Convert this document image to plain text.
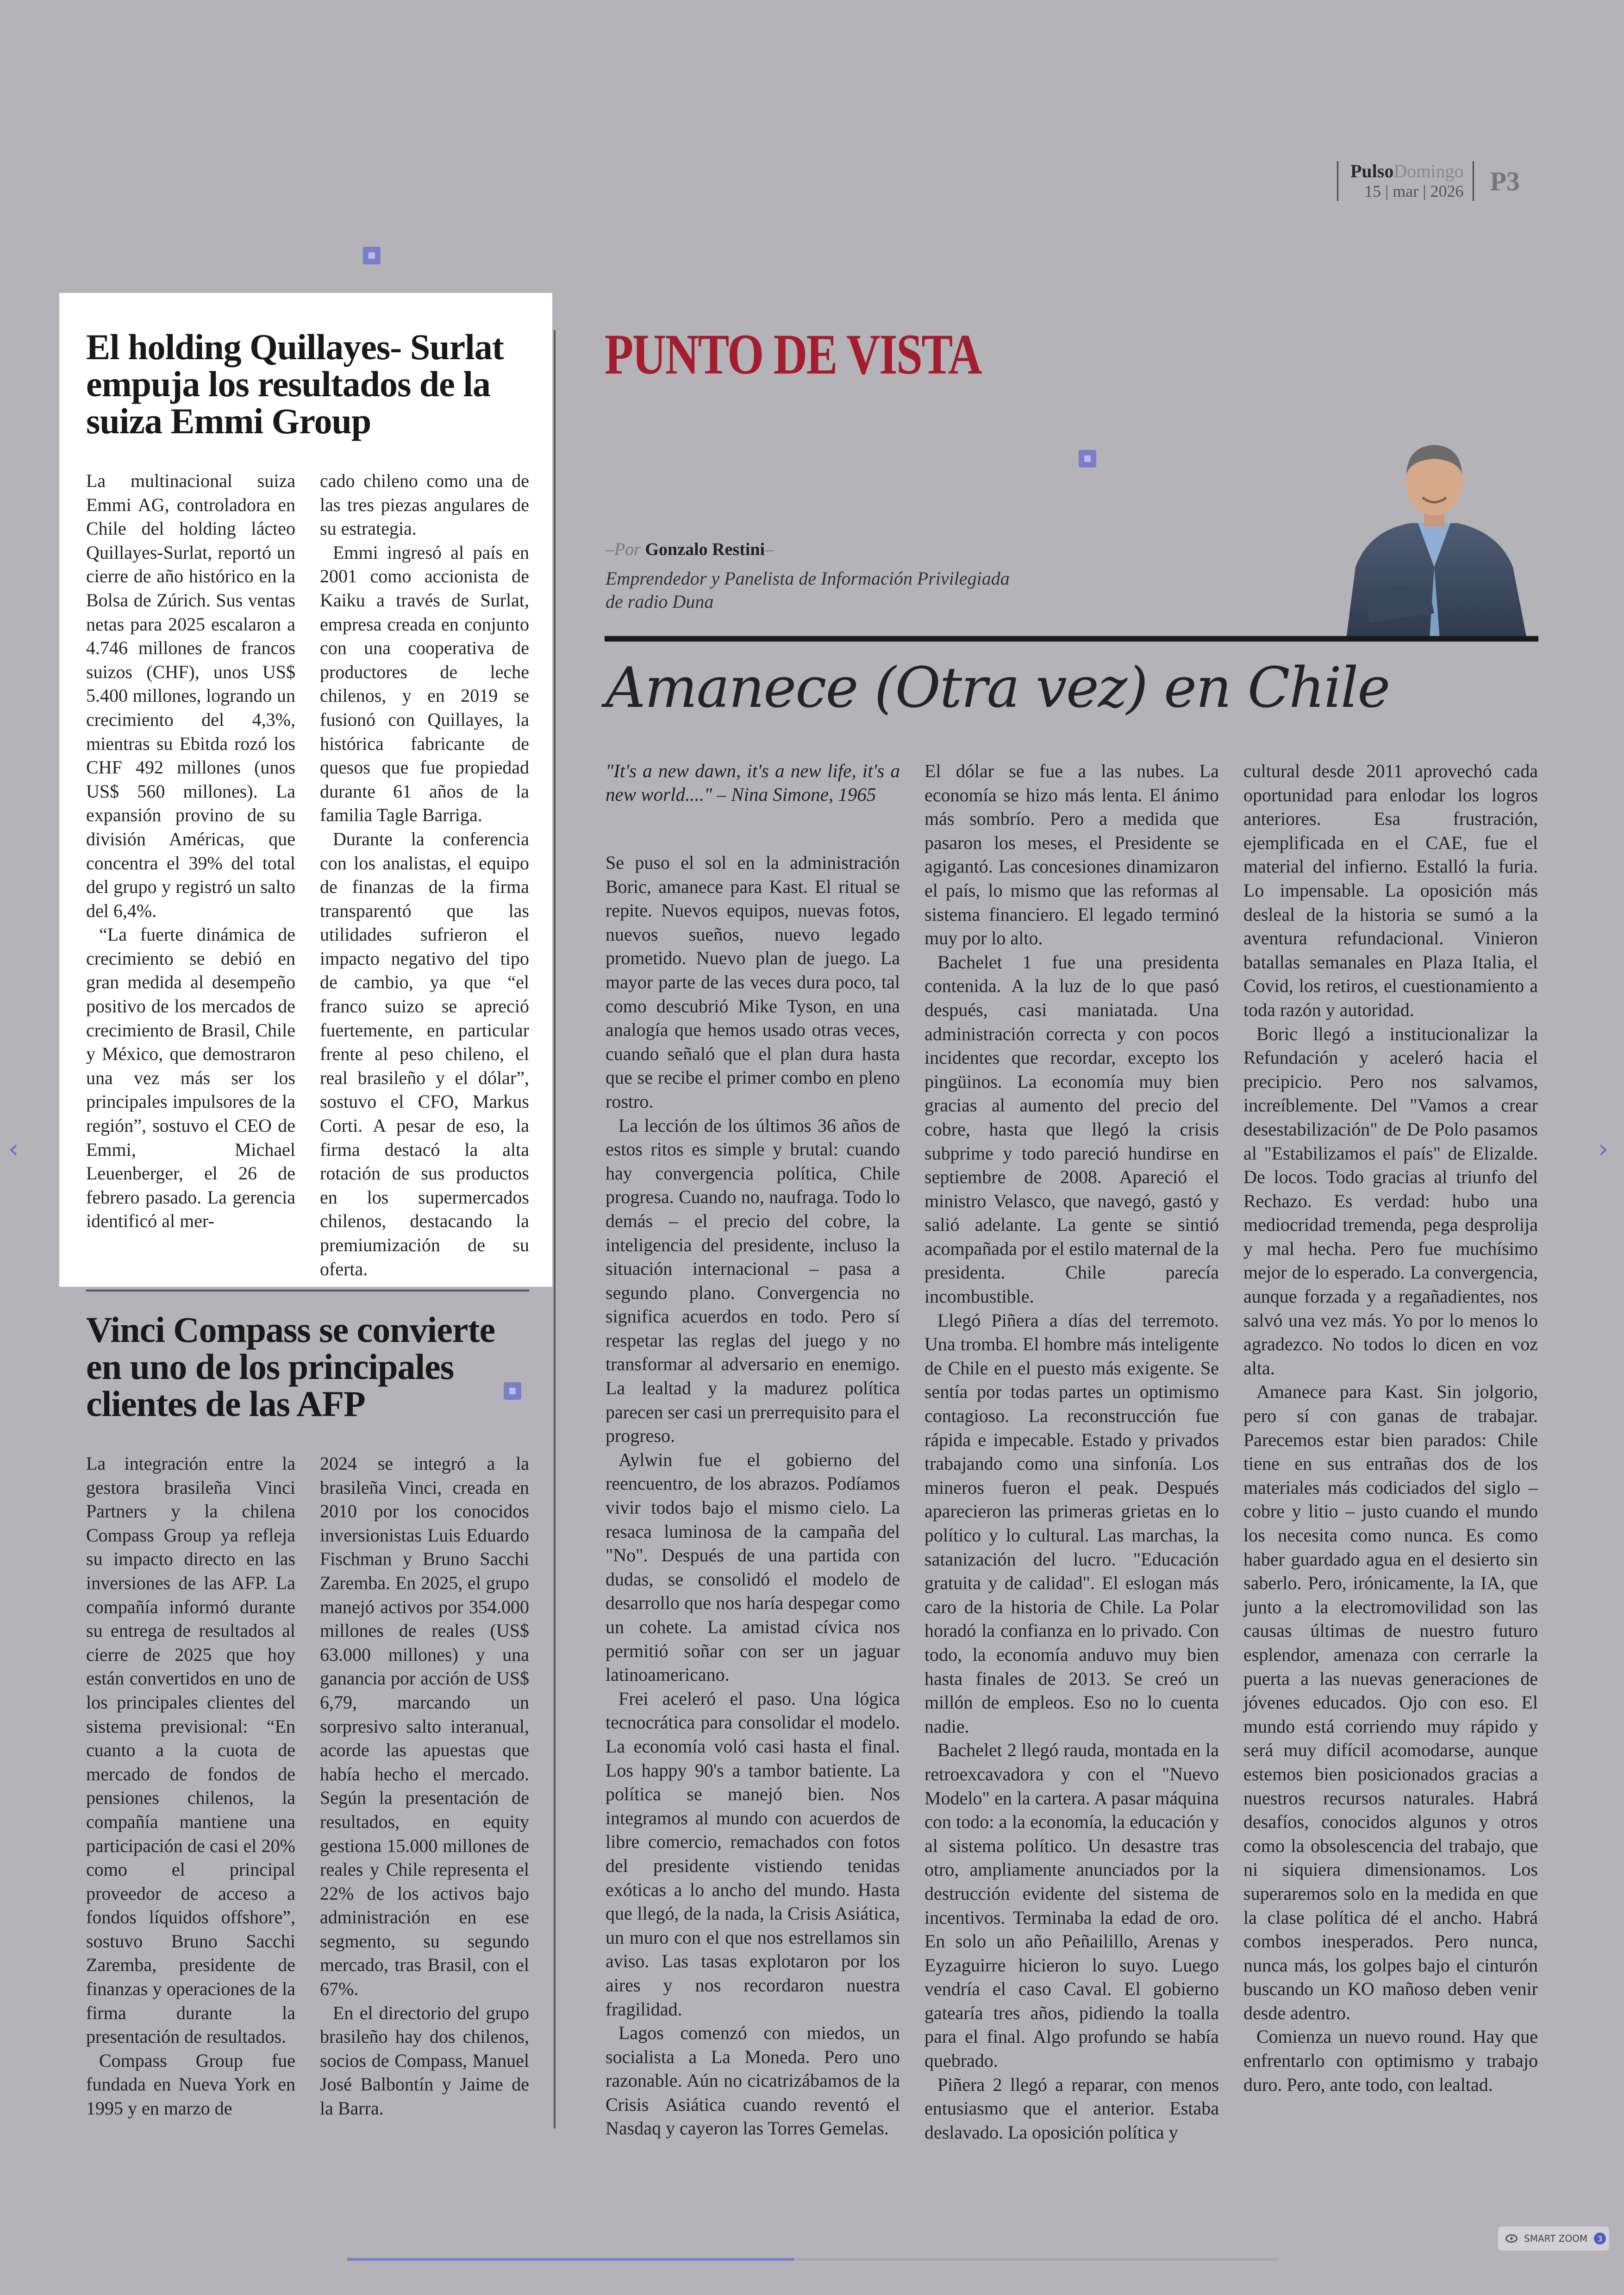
PulsoDomingo
15 | mar | 2026 P3
El holding Quillayes- Surlat empuja los resultados de la suiza Emmi Group

La multinacional suiza Emmi AG, controladora en Chile del holding lácteo Quillayes-Surlat, reportó un cierre de año histórico en la Bolsa de Zúrich. Sus ventas netas para 2025 escalaron a 4.746 millones de francos suizos (CHF), unos US$ 5.400 millones, logrando un crecimiento del 4,3%, mientras su Ebitda rozó los CHF 492 millones (unos US$ 560 millones). La expansión provino de su división Américas, que concentra el 39% del total del grupo y registró un salto del 6,4%.

“La fuerte dinámica de crecimiento se debió en gran medida al desempeño positivo de los mercados de crecimiento de Brasil, Chile y México, que demostraron una vez más ser los principales impulsores de la región”, sostuvo el CEO de Emmi, Michael Leuenberger, el 26 de febrero pasado. La gerencia identificó al mer-

cado chileno como una de las tres piezas angulares de su estrategia.

Emmi ingresó al país en 2001 como accionista de Kaiku a través de Surlat, empresa creada en conjunto con una cooperativa de productores de leche chilenos, y en 2019 se fusionó con Quillayes, la histórica fabricante de quesos que fue propiedad durante 61 años de la familia Tagle Barriga.

Durante la conferencia con los analistas, el equipo de finanzas de la firma transparentó que las utilidades sufrieron el impacto negativo del tipo de cambio, ya que “el franco suizo se apreció fuertemente, en particular frente al peso chileno, el real brasileño y el dólar”, sostuvo el CFO, Markus Corti. A pesar de eso, la firma destacó la alta rotación de sus productos en los supermercados chilenos, destacando la premiumización de su oferta.

Vinci Compass se convierte en uno de los principales clientes de las AFP

La integración entre la gestora brasileña Vinci Partners y la chilena Compass Group ya refleja su impacto directo en las inversiones de las AFP. La compañía informó durante su entrega de resultados al cierre de 2025 que hoy están convertidos en uno de los principales clientes del sistema previsional: “En cuanto a la cuota de mercado de fondos de pensiones chilenos, la compañía mantiene una participación de casi el 20% como el principal proveedor de acceso a fondos líquidos offshore”, sostuvo Bruno Sacchi Zaremba, presidente de finanzas y operaciones de la firma durante la presentación de resultados.

Compass Group fue fundada en Nueva York en 1995 y en marzo de

2024 se integró a la brasileña Vinci, creada en 2010 por los conocidos inversionistas Luis Eduardo Fischman y Bruno Sacchi Zaremba. En 2025, el grupo manejó activos por 354.000 millones de reales (US$ 63.000 millones) y una ganancia por acción de US$ 6,79, marcando un sorpresivo salto interanual, acorde las apuestas que había hecho el mercado. Según la presentación de resultados, en equity gestiona 15.000 millones de reales y Chile representa el 22% de los activos bajo administración en ese segmento, su segundo mercado, tras Brasil, con el 67%.

En el directorio del grupo brasileño hay dos chilenos, socios de Compass, Manuel José Balbontín y Jaime de la Barra.

PUNTO DE VISTA
–Por Gonzalo Restini–
Emprendedor y Panelista de Información Privilegiada de radio Duna
Amanece (Otra vez) en Chile

"It's a new dawn, it's a new life, it's a new world...." – Nina Simone, 1965

Se puso el sol en la administración Boric, amanece para Kast. El ritual se repite. Nuevos equipos, nuevas fotos, nuevos sueños, nuevo legado prometido. Nuevo plan de juego. La mayor parte de las veces dura poco, tal como descubrió Mike Tyson, en una analogía que hemos usado otras veces, cuando señaló que el plan dura hasta que se recibe el primer combo en pleno rostro.

La lección de los últimos 36 años de estos ritos es simple y brutal: cuando hay convergencia política, Chile progresa. Cuando no, naufraga. Todo lo demás – el precio del cobre, la inteligencia del presidente, incluso la situación internacional – pasa a segundo plano. Convergencia no significa acuerdos en todo. Pero sí respetar las reglas del juego y no transformar al adversario en enemigo. La lealtad y la madurez política parecen ser casi un prerrequisito para el progreso.

Aylwin fue el gobierno del reencuentro, de los abrazos. Podíamos vivir todos bajo el mismo cielo. La resaca luminosa de la campaña del "No". Después de una partida con dudas, se consolidó el modelo de desarrollo que nos haría despegar como un cohete. La amistad cívica nos permitió soñar con ser un jaguar latinoamericano.

Frei aceleró el paso. Una lógica tecnocrática para consolidar el modelo. La economía voló casi hasta el final. Los happy 90's a tambor batiente. La política se manejó bien. Nos integramos al mundo con acuerdos de libre comercio, remachados con fotos del presidente vistiendo tenidas exóticas a lo ancho del mundo. Hasta que llegó, de la nada, la Crisis Asiática, un muro con el que nos estrellamos sin aviso. Las tasas explotaron por los aires y nos recordaron nuestra fragilidad.

Lagos comenzó con miedos, un socialista a La Moneda. Pero uno razonable. Aún no cicatrizábamos de la Crisis Asiática cuando reventó el Nasdaq y cayeron las Torres Gemelas.

El dólar se fue a las nubes. La economía se hizo más lenta. El ánimo más sombrío. Pero a medida que pasaron los meses, el Presidente se agigantó. Las concesiones dinamizaron el país, lo mismo que las reformas al sistema financiero. El legado terminó muy por lo alto.

Bachelet 1 fue una presidenta contenida. A la luz de lo que pasó después, casi maniatada. Una administración correcta y con pocos incidentes que recordar, excepto los pingüinos. La economía muy bien gracias al aumento del precio del cobre, hasta que llegó la crisis subprime y todo pareció hundirse en septiembre de 2008. Apareció el ministro Velasco, que navegó, gastó y salió adelante. La gente se sintió acompañada por el estilo maternal de la presidenta. Chile parecía incombustible.

Llegó Piñera a días del terremoto. Una tromba. El hombre más inteligente de Chile en el puesto más exigente. Se sentía por todas partes un optimismo contagioso. La reconstrucción fue rápida e impecable. Estado y privados trabajando como una sinfonía. Los mineros fueron el peak. Después aparecieron las primeras grietas en lo político y lo cultural. Las marchas, la satanización del lucro. "Educación gratuita y de calidad". El eslogan más caro de la historia de Chile. La Polar horadó la confianza en lo privado. Con todo, la economía anduvo muy bien hasta finales de 2013. Se creó un millón de empleos. Eso no lo cuenta nadie.

Bachelet 2 llegó rauda, montada en la retroexcavadora y con el "Nuevo Modelo" en la cartera. A pasar máquina con todo: a la economía, la educación y al sistema político. Un desastre tras otro, ampliamente anunciados por la destrucción evidente del sistema de incentivos. Terminaba la edad de oro. En solo un año Peñailillo, Arenas y Eyzaguirre hicieron lo suyo. Luego vendría el caso Caval. El gobierno gatearía tres años, pidiendo la toalla para el final. Algo profundo se había quebrado.

Piñera 2 llegó a reparar, con menos entusiasmo que el anterior. Estaba deslavado. La oposición política y

cultural desde 2011 aprovechó cada oportunidad para enlodar los logros anteriores. Esa frustración, ejemplificada en el CAE, fue el material del infierno. Estalló la furia. Lo impensable. La oposición más desleal de la historia se sumó a la aventura refundacional. Vinieron batallas semanales en Plaza Italia, el Covid, los retiros, el cuestionamiento a toda razón y autoridad.

Boric llegó a institucionalizar la Refundación y aceleró hacia el precipicio. Pero nos salvamos, increíblemente. Del "Vamos a crear desestabilización" de De Polo pasamos al "Estabilizamos el país" de Elizalde. De locos. Todo gracias al triunfo del Rechazo. Es verdad: hubo una mediocridad tremenda, pega desprolija y mal hecha. Pero fue muchísimo mejor de lo esperado. La convergencia, aunque forzada y a regañadientes, nos salvó una vez más. Yo por lo menos lo agradezco. No todos lo dicen en voz alta.

Amanece para Kast. Sin jolgorio, pero sí con ganas de trabajar. Parecemos estar bien parados: Chile tiene en sus entrañas dos de los materiales más codiciados del siglo – cobre y litio – justo cuando el mundo los necesita como nunca. Es como haber guardado agua en el desierto sin saberlo. Pero, irónicamente, la IA, que junto a la electromovilidad son las causas últimas de nuestro futuro esplendor, amenaza con cerrarle la puerta a las nuevas generaciones de jóvenes educados. Ojo con eso. El mundo está corriendo muy rápido y será muy difícil acomodarse, aunque estemos bien posicionados gracias a nuestros recursos naturales. Habrá desafíos, conocidos algunos y otros como la obsolescencia del trabajo, que ni siquiera dimensionamos. Los superaremos solo en la medida en que la clase política dé el ancho. Habrá combos inesperados. Pero nunca, nunca más, los golpes bajo el cinturón buscando un KO mañoso deben venir desde adentro.

Comienza un nuevo round. Hay que enfrentarlo con optimismo y trabajo duro. Pero, ante todo, con lealtad.

‹	›
SMART ZOOM	3
